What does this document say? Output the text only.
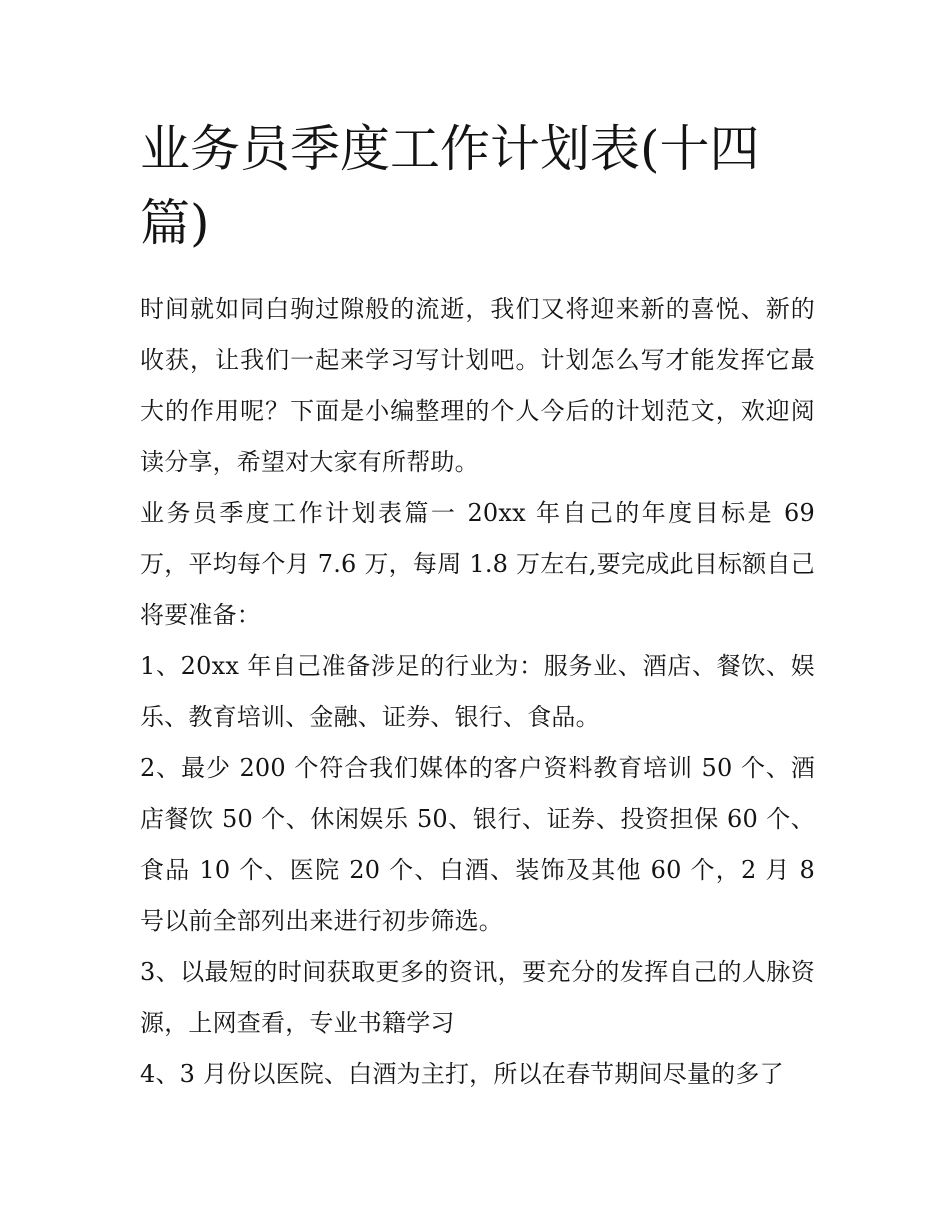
业务员季度工作计划表(十四篇)

时间就如同白驹过隙般的流逝，我们又将迎来新的喜悦、新的收获，让我们一起来学习写计划吧。计划怎么写才能发挥它最大的作用呢？下面是小编整理的个人今后的计划范文，欢迎阅读分享，希望对大家有所帮助。

业务员季度工作计划表篇一 20xx 年自己的年度目标是 69 万，平均每个月 7.6 万，每周 1.8 万左右,要完成此目标额自己将要准备：

1、20xx 年自己准备涉足的行业为：服务业、酒店、餐饮、娱乐、教育培训、金融、证券、银行、食品。

2、最少 200 个符合我们媒体的客户资料教育培训 50 个、酒店餐饮 50 个、休闲娱乐 50、银行、证券、投资担保 60 个、食品 10 个、医院 20 个、白酒、装饰及其他 60 个，2 月 8 号以前全部列出来进行初步筛选。

3、以最短的时间获取更多的资讯，要充分的发挥自己的人脉资源，上网查看，专业书籍学习

4、3 月份以医院、白酒为主打，所以在春节期间尽量的多了
